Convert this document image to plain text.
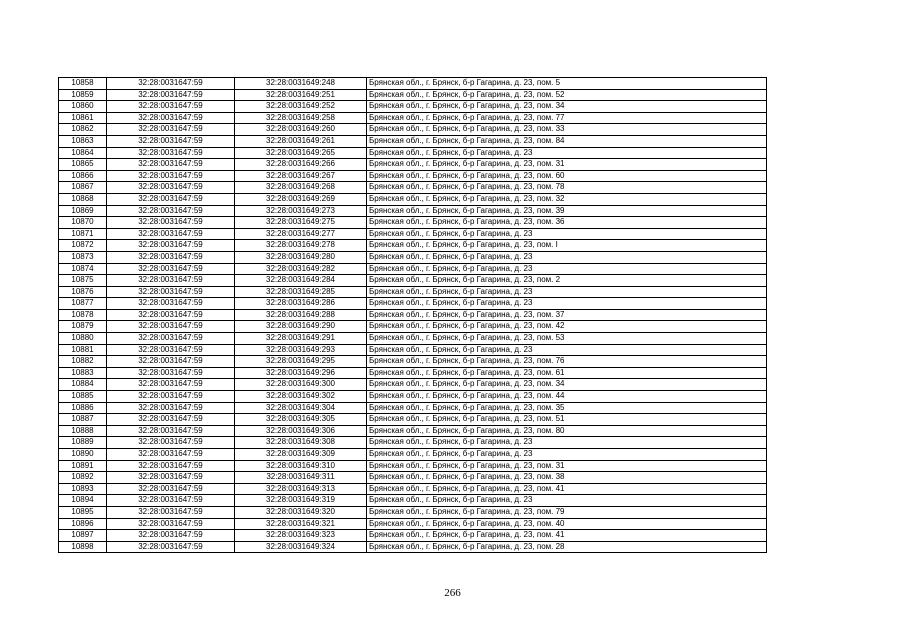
10858	32:28:0031647:59	32:28:0031649:248	Брянская обл., г. Брянск, б-р Гагарина, д. 23, пом. 5
10859	32:28:0031647:59	32:28:0031649:251	Брянская обл., г. Брянск, б-р Гагарина, д. 23, пом. 52
10860	32:28:0031647:59	32:28:0031649:252	Брянская обл., г. Брянск, б-р Гагарина, д. 23, пом. 34
10861	32:28:0031647:59	32:28:0031649:258	Брянская обл., г. Брянск, б-р Гагарина, д. 23, пом. 77
10862	32:28:0031647:59	32:28:0031649:260	Брянская обл., г. Брянск, б-р Гагарина, д. 23, пом. 33
10863	32:28:0031647:59	32:28:0031649:261	Брянская обл., г. Брянск, б-р Гагарина, д. 23, пом. 84
10864	32:28:0031647:59	32:28:0031649:265	Брянская обл., г. Брянск, б-р Гагарина, д. 23
10865	32:28:0031647:59	32:28:0031649:266	Брянская обл., г. Брянск, б-р Гагарина, д. 23, пом. 31
10866	32:28:0031647:59	32:28:0031649:267	Брянская обл., г. Брянск, б-р Гагарина, д. 23, пом. 60
10867	32:28:0031647:59	32:28:0031649:268	Брянская обл., г. Брянск, б-р Гагарина, д. 23, пом. 78
10868	32:28:0031647:59	32:28:0031649:269	Брянская обл., г. Брянск, б-р Гагарина, д. 23, пом. 32
10869	32:28:0031647:59	32:28:0031649:273	Брянская обл., г. Брянск, б-р Гагарина, д. 23, пом. 39
10870	32:28:0031647:59	32:28:0031649:275	Брянская обл., г. Брянск, б-р Гагарина, д. 23, пом. 36
10871	32:28:0031647:59	32:28:0031649:277	Брянская обл., г. Брянск, б-р Гагарина, д. 23
10872	32:28:0031647:59	32:28:0031649:278	Брянская обл., г. Брянск, б-р Гагарина, д. 23, пом. I
10873	32:28:0031647:59	32:28:0031649:280	Брянская обл., г. Брянск, б-р Гагарина, д. 23
10874	32:28:0031647:59	32:28:0031649:282	Брянская обл., г. Брянск, б-р Гагарина, д. 23
10875	32:28:0031647:59	32:28:0031649:284	Брянская обл., г. Брянск, б-р Гагарина, д. 23, пом. 2
10876	32:28:0031647:59	32:28:0031649:285	Брянская обл., г. Брянск, б-р Гагарина, д. 23
10877	32:28:0031647:59	32:28:0031649:286	Брянская обл., г. Брянск, б-р Гагарина, д. 23
10878	32:28:0031647:59	32:28:0031649:288	Брянская обл., г. Брянск, б-р Гагарина, д. 23, пом. 37
10879	32:28:0031647:59	32:28:0031649:290	Брянская обл., г. Брянск, б-р Гагарина, д. 23, пом. 42
10880	32:28:0031647:59	32:28:0031649:291	Брянская обл., г. Брянск, б-р Гагарина, д. 23, пом. 53
10881	32:28:0031647:59	32:28:0031649:293	Брянская обл., г. Брянск, б-р Гагарина, д. 23
10882	32:28:0031647:59	32:28:0031649:295	Брянская обл., г. Брянск, б-р Гагарина, д. 23, пом. 76
10883	32:28:0031647:59	32:28:0031649:296	Брянская обл., г. Брянск, б-р Гагарина, д. 23, пом. 61
10884	32:28:0031647:59	32:28:0031649:300	Брянская обл., г. Брянск, б-р Гагарина, д. 23, пом. 34
10885	32:28:0031647:59	32:28:0031649:302	Брянская обл., г. Брянск, б-р Гагарина, д. 23, пом. 44
10886	32:28:0031647:59	32:28:0031649:304	Брянская обл., г. Брянск, б-р Гагарина, д. 23, пом. 35
10887	32:28:0031647:59	32:28:0031649:305	Брянская обл., г. Брянск, б-р Гагарина, д. 23, пом. 51
10888	32:28:0031647:59	32:28:0031649:306	Брянская обл., г. Брянск, б-р Гагарина, д. 23, пом. 80
10889	32:28:0031647:59	32:28:0031649:308	Брянская обл., г. Брянск, б-р Гагарина, д. 23
10890	32:28:0031647:59	32:28:0031649:309	Брянская обл., г. Брянск, б-р Гагарина, д. 23
10891	32:28:0031647:59	32:28:0031649:310	Брянская обл., г. Брянск, б-р Гагарина, д. 23, пом. 31
10892	32:28:0031647:59	32:28:0031649:311	Брянская обл., г. Брянск, б-р Гагарина, д. 23, пом. 38
10893	32:28:0031647:59	32:28:0031649:313	Брянская обл., г. Брянск, б-р Гагарина, д. 23, пом. 41
10894	32:28:0031647:59	32:28:0031649:319	Брянская обл., г. Брянск, б-р Гагарина, д. 23
10895	32:28:0031647:59	32:28:0031649:320	Брянская обл., г. Брянск, б-р Гагарина, д. 23, пом. 79
10896	32:28:0031647:59	32:28:0031649:321	Брянская обл., г. Брянск, б-р Гагарина, д. 23, пом. 40
10897	32:28:0031647:59	32:28:0031649:323	Брянская обл., г. Брянск, б-р Гагарина, д. 23, пом. 41
10898	32:28:0031647:59	32:28:0031649:324	Брянская обл., г. Брянск, б-р Гагарина, д. 23, пом. 28
266
